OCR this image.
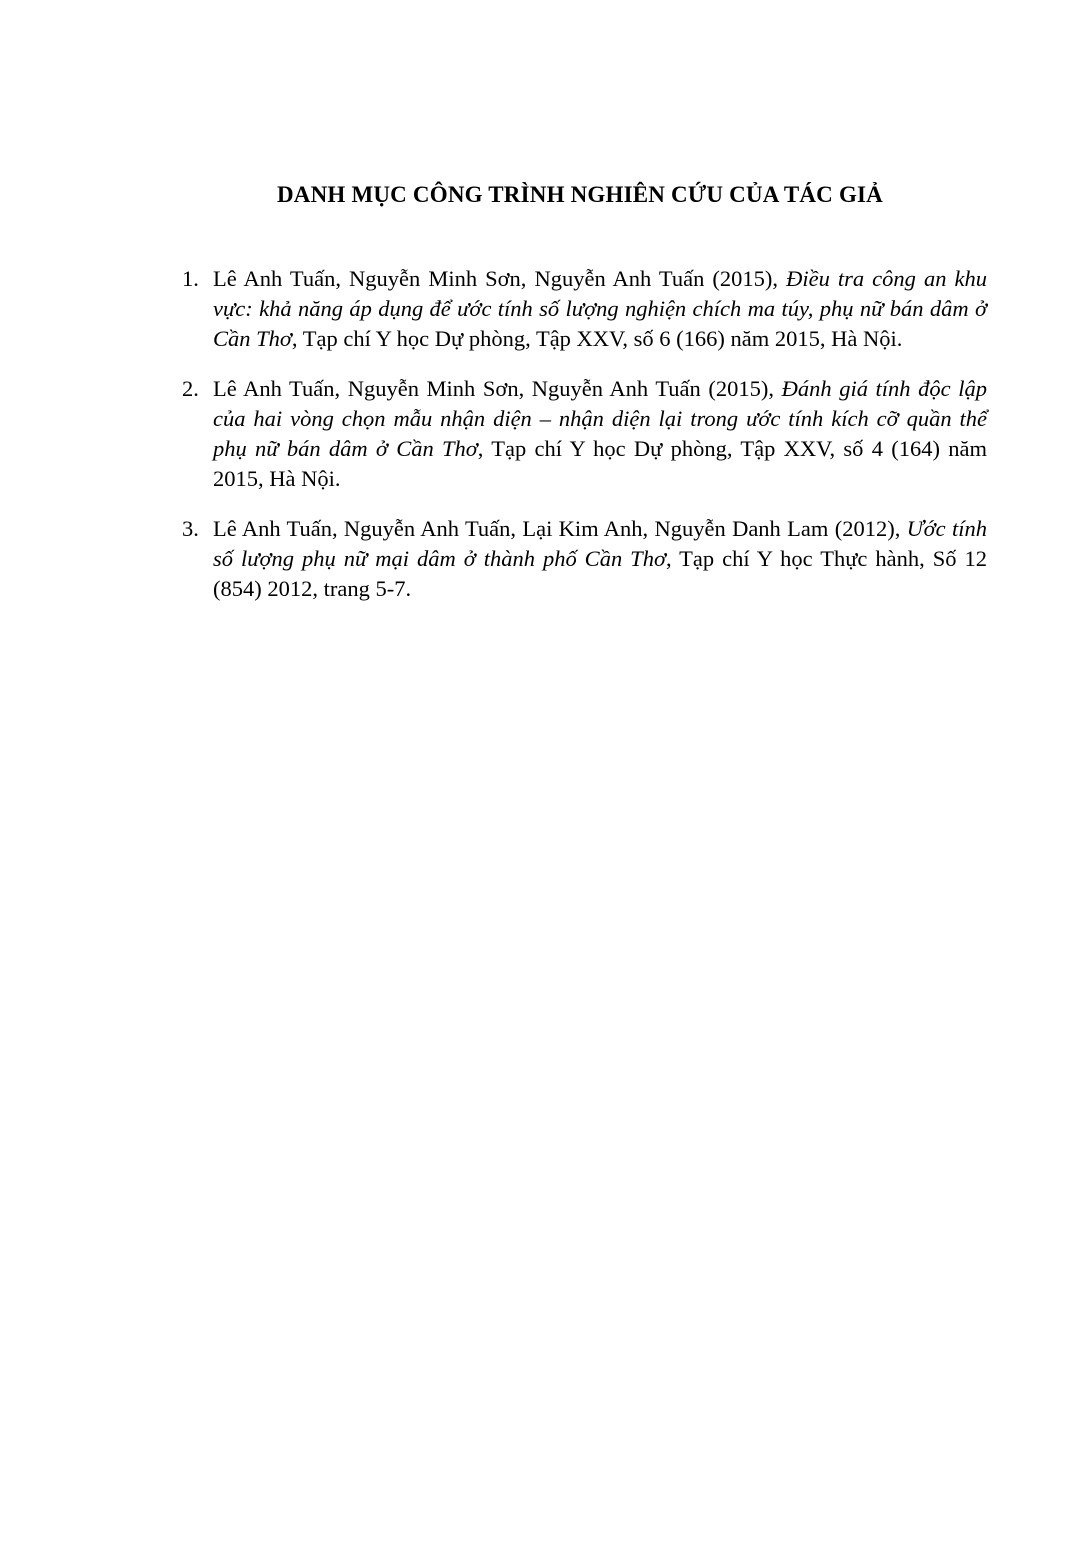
DANH MỤC CÔNG TRÌNH NGHIÊN CỨU CỦA TÁC GIẢ
1. Lê Anh Tuấn, Nguyễn Minh Sơn, Nguyễn Anh Tuấn (2015), Điều tra công an khu vực: khả năng áp dụng để ước tính số lượng nghiện chích ma túy, phụ nữ bán dâm ở Cần Thơ, Tạp chí Y học Dự phòng, Tập XXV, số 6 (166) năm 2015, Hà Nội.
2. Lê Anh Tuấn, Nguyễn Minh Sơn, Nguyễn Anh Tuấn (2015), Đánh giá tính độc lập của hai vòng chọn mẫu nhận diện – nhận diện lại trong ước tính kích cỡ quần thể phụ nữ bán dâm ở Cần Thơ, Tạp chí Y học Dự phòng, Tập XXV, số 4 (164) năm 2015, Hà Nội.
3. Lê Anh Tuấn, Nguyễn Anh Tuấn, Lại Kim Anh, Nguyễn Danh Lam (2012), Ước tính số lượng phụ nữ mại dâm ở thành phố Cần Thơ, Tạp chí Y học Thực hành, Số 12 (854) 2012, trang 5-7.
